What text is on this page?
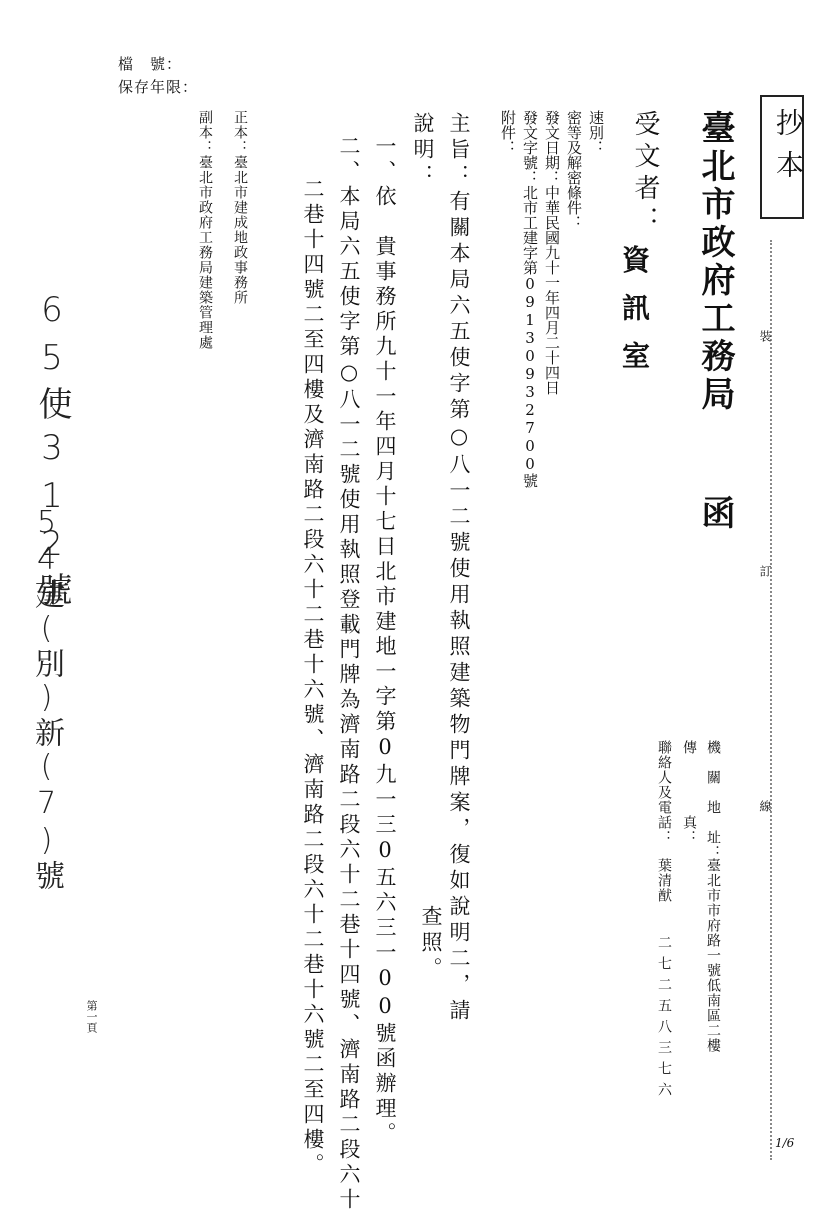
檔　號：
保存年限：
抄本
裝
訂
線
臺北市政府工務局
函
機　關　地　址：
臺北市市府路一號低南區二樓
傳　　　　真：
聯絡人及電話：
葉清猷
二七二五八三七六
受文者：
資訊室
速別：
密等及解密條件：
發文日期：中華民國九十一年四月二十四日
發文字號：北市工建字第09130932700號
附件：
主旨：有關本局六五使字第○八一二號使用執照建築物門牌案，復如說明二，請
查照。
說明：
一、依　貴事務所九十一年四月十七日北市建地一字第0九一三0五六三一00號函辦理。
二、本局六五使字第○八一二號使用執照登載門牌為濟南路二段六十二巷十四號、濟南路二段六十
二巷十四號二至四樓及濟南路二段六十二巷十六號、濟南路二段六十二巷十六號二至四樓。
正本：臺北市建成地政事務所
副本：臺北市政府工務局建築管理處
65使312號
54建(別)新(7)號
第一頁
1/6
